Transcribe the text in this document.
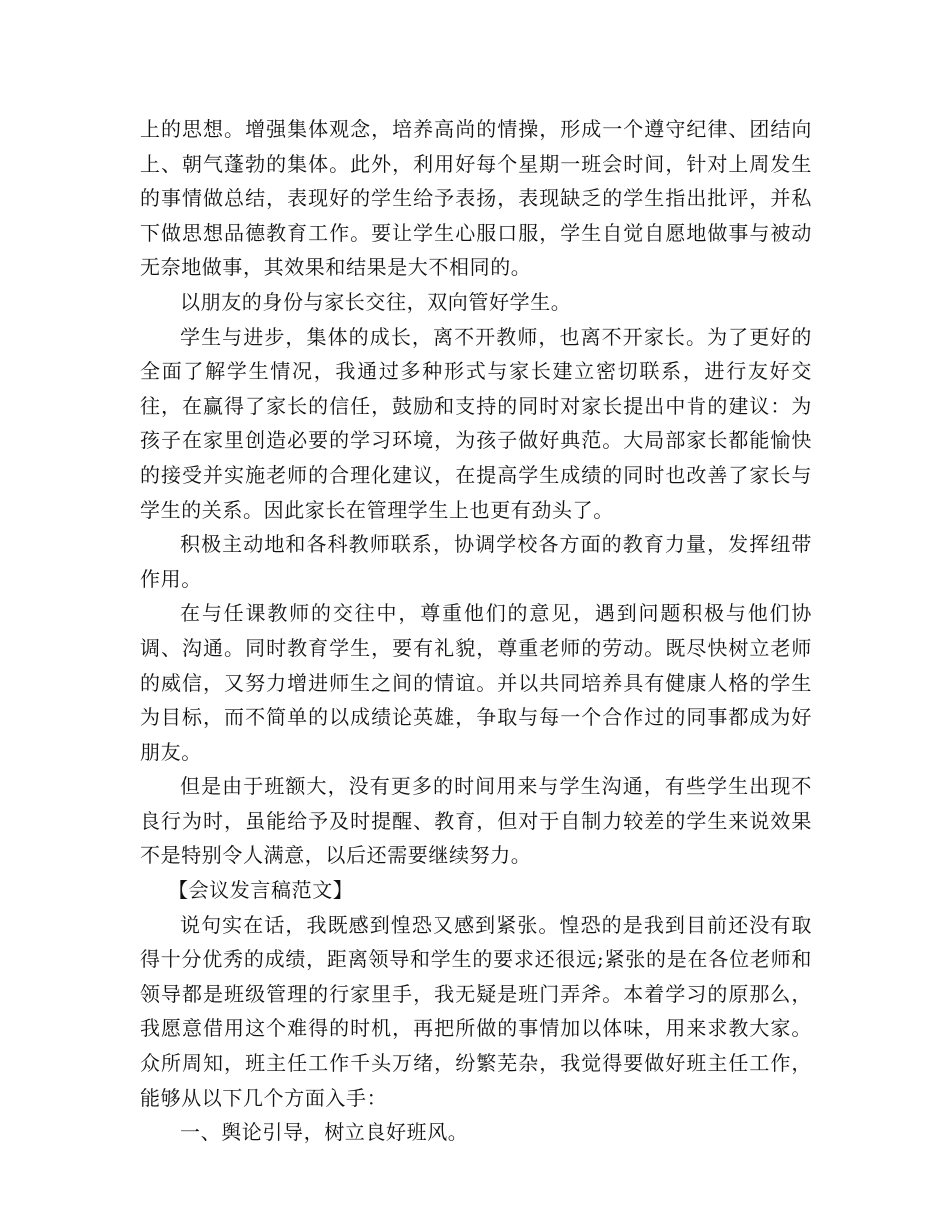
上的思想。增强集体观念，培养高尚的情操，形成一个遵守纪律、团结向上、朝气蓬勃的集体。此外，利用好每个星期一班会时间，针对上周发生的事情做总结，表现好的学生给予表扬，表现缺乏的学生指出批评，并私下做思想品德教育工作。要让学生心服口服，学生自觉自愿地做事与被动无奈地做事，其效果和结果是大不相同的。

以朋友的身份与家长交往，双向管好学生。

学生与进步，集体的成长，离不开教师，也离不开家长。为了更好的全面了解学生情况，我通过多种形式与家长建立密切联系，进行友好交往，在赢得了家长的信任，鼓励和支持的同时对家长提出中肯的建议：为孩子在家里创造必要的学习环境，为孩子做好典范。大局部家长都能愉快的接受并实施老师的合理化建议，在提高学生成绩的同时也改善了家长与学生的关系。因此家长在管理学生上也更有劲头了。

积极主动地和各科教师联系，协调学校各方面的教育力量，发挥纽带作用。

在与任课教师的交往中，尊重他们的意见，遇到问题积极与他们协调、沟通。同时教育学生，要有礼貌，尊重老师的劳动。既尽快树立老师的威信，又努力增进师生之间的情谊。并以共同培养具有健康人格的学生为目标，而不简单的以成绩论英雄，争取与每一个合作过的同事都成为好朋友。

但是由于班额大，没有更多的时间用来与学生沟通，有些学生出现不良行为时，虽能给予及时提醒、教育，但对于自制力较差的学生来说效果不是特别令人满意，以后还需要继续努力。

【会议发言稿范文】

说句实在话，我既感到惶恐又感到紧张。惶恐的是我到目前还没有取得十分优秀的成绩，距离领导和学生的要求还很远;紧张的是在各位老师和领导都是班级管理的行家里手，我无疑是班门弄斧。本着学习的原那么，我愿意借用这个难得的时机，再把所做的事情加以体味，用来求教大家。众所周知，班主任工作千头万绪，纷繁芜杂，我觉得要做好班主任工作，能够从以下几个方面入手：

一、舆论引导，树立良好班风。
